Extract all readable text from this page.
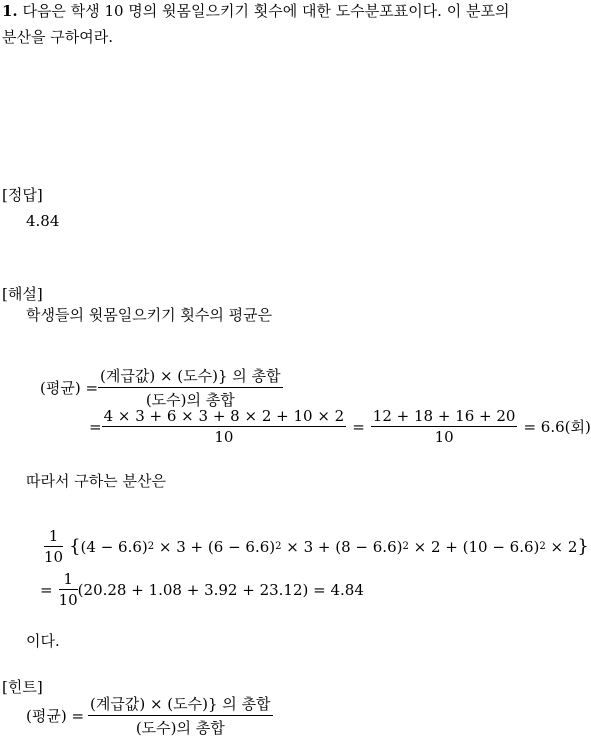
1. 다음은 학생 10 명의 윗몸일으키기 횟수에 대한 도수분포표이다. 이 분포의
분산을 구하여라.
[정답]
4.84
[해설]
학생들의 윗몸일으키기 횟수의 평균은
(평균) = $\frac{\text{(계급값) × (도수)\} 의 총합}}{\text{(도수)의 총합}}$
= $\frac{4 \times 3 + 6 \times 3 + 8 \times 2 + 10 \times 2}{10} = \frac{12 + 18 + 16 + 20}{10} = 6.6$(회)
따라서 구하는 분산은
$\frac{1}{10}$ { (4 − 6.6) 2 × 3 + (6 − 6.6) 2 × 3 + (8 − 6.6) 2 × 2 + (10 − 6.6) 2 × 2 }
= $\frac{1}{10} (20.28 + 1.08 + 3.92 + 23.12) = 4.84$
이다.
[힌트]
(평균) = $\frac{\text{(계급값) × (도수)\} 의 총합}}{\text{(도수)의 총합}}$
